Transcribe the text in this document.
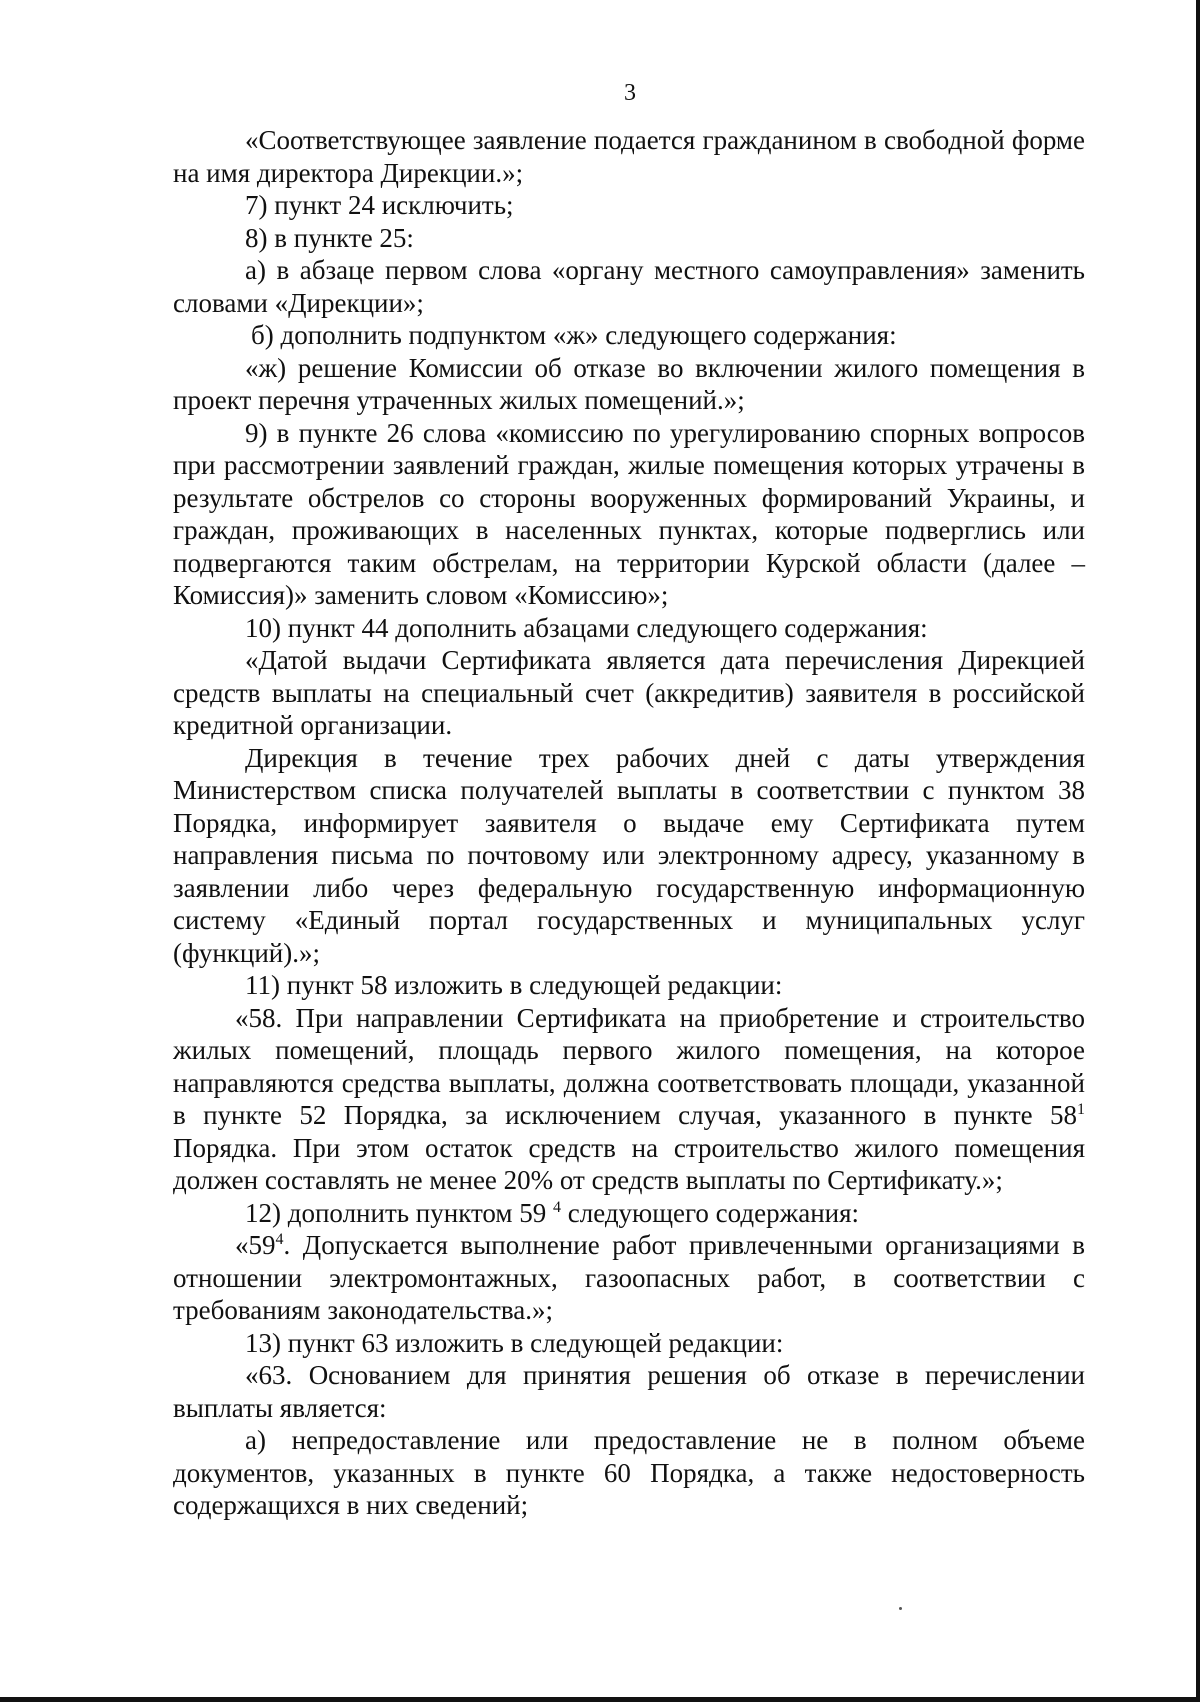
3

«Соответствующее заявление подается гражданином в свободной форме на имя директора Дирекции.»;

7) пункт 24 исключить;

8) в пункте 25:

а) в абзаце первом слова «органу местного самоуправления» заменить словами «Дирекции»;

б) дополнить подпунктом «ж» следующего содержания:

«ж) решение Комиссии об отказе во включении жилого помещения в проект перечня утраченных жилых помещений.»;

9) в пункте 26 слова «комиссию по урегулированию спорных вопросов при рассмотрении заявлений граждан, жилые помещения которых утрачены в результате обстрелов со стороны вооруженных формирований Украины, и граждан, проживающих в населенных пунктах, которые подверглись или подвергаются таким обстрелам, на территории Курской области (далее – Комиссия)» заменить словом «Комиссию»;

10) пункт 44 дополнить абзацами следующего содержания:

«Датой выдачи Сертификата является дата перечисления Дирекцией средств выплаты на специальный счет (аккредитив) заявителя в российской кредитной организации.

Дирекция в течение трех рабочих дней с даты утверждения Министерством списка получателей выплаты в соответствии с пунктом 38 Порядка, информирует заявителя о выдаче ему Сертификата путем направления письма по почтовому или электронному адресу, указанному в заявлении либо через федеральную государственную информационную систему «Единый портал государственных и муниципальных услуг (функций).»;

11) пункт 58 изложить в следующей редакции:

«58. При направлении Сертификата на приобретение и строительство жилых помещений, площадь первого жилого помещения, на которое направляются средства выплаты, должна соответствовать площади, указанной в пункте 52 Порядка, за исключением случая, указанного в пункте $58^1$ Порядка. При этом остаток средств на строительство жилого помещения должен составлять не менее 20% от средств выплаты по Сертификату.»;

12) дополнить пунктом 59 $^4$ следующего содержания:

«$59^4$. Допускается выполнение работ привлеченными организациями в отношении электромонтажных, газоопасных работ, в соответствии с требованиям законодательства.»;

13) пункт 63 изложить в следующей редакции:

«63. Основанием для принятия решения об отказе в перечислении выплаты является:

а) непредоставление или предоставление не в полном объеме документов, указанных в пункте 60 Порядка, а также недостоверность содержащихся в них сведений;
